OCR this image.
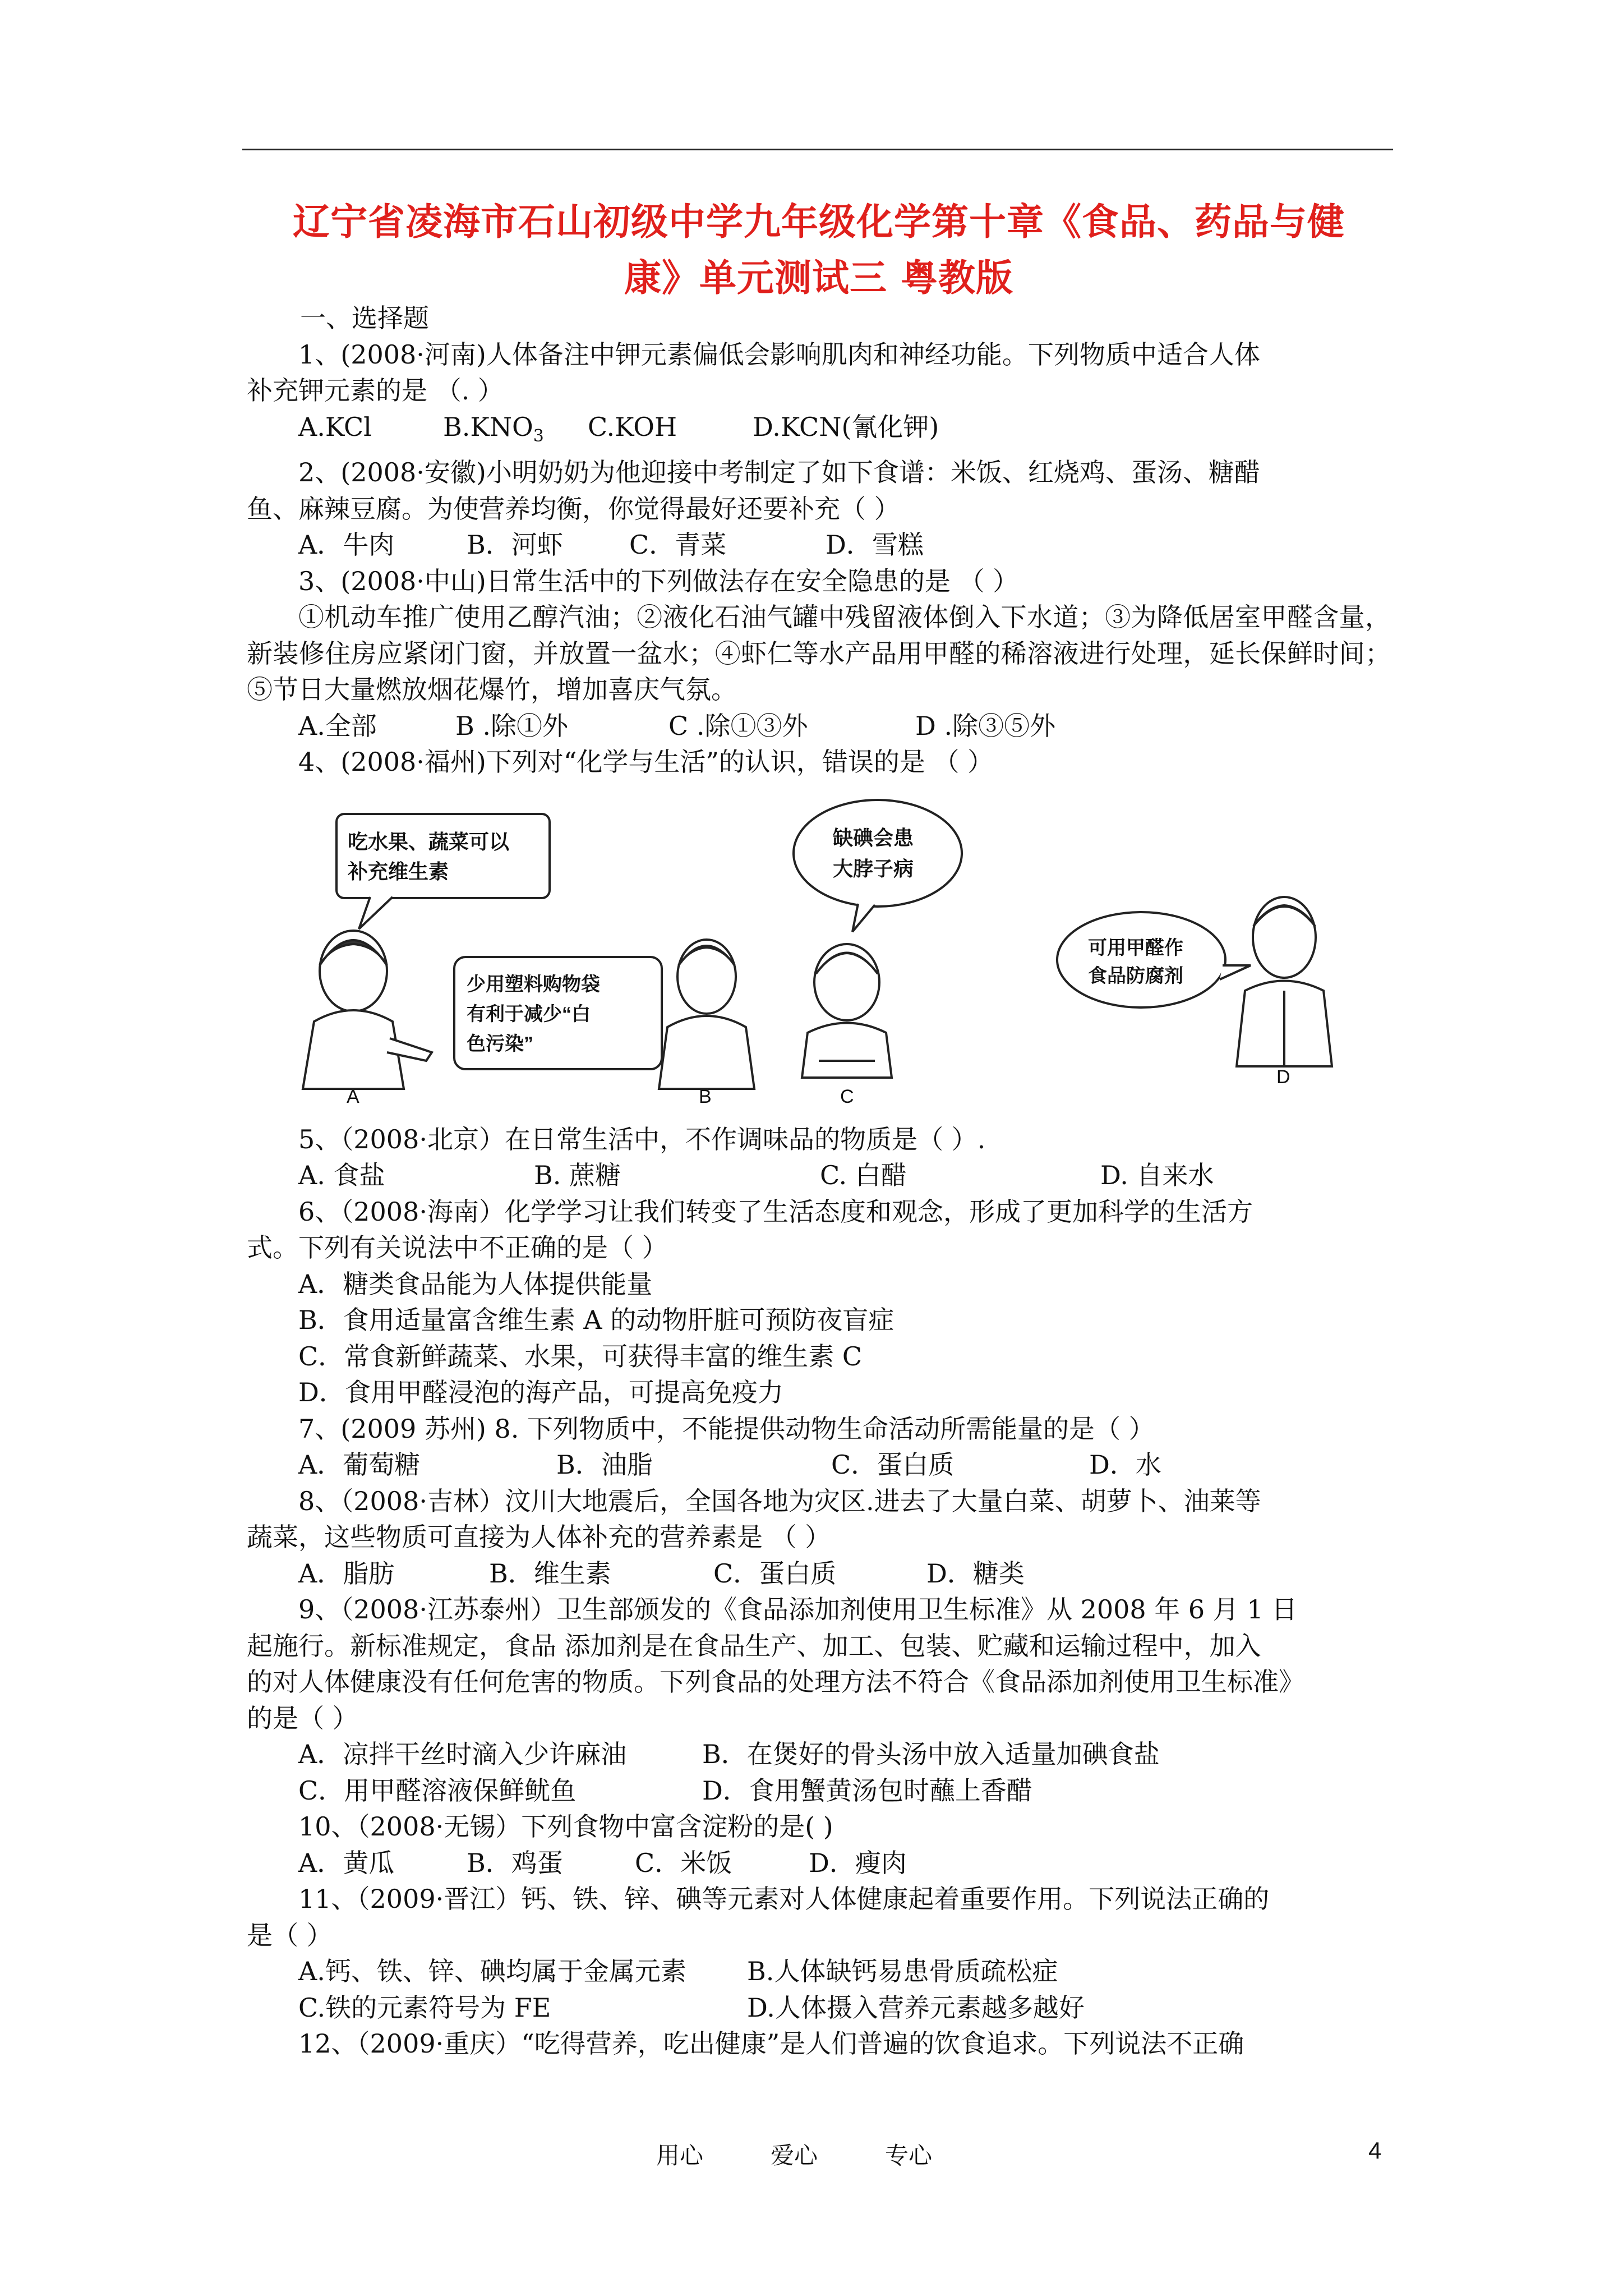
辽宁省凌海市石山初级中学九年级化学第十章《食品、药品与健
康》单元测试三 粤教版
一、选择题
1、(2008·河南)人体备注中钾元素偏低会影响肌肉和神经功能。下列物质中适合人体
补充钾元素的是 （. ）
A.KCl	$B.KNO_3$ C.KOH	D.KCN(氰化钾)
2、(2008·安徽)小明奶奶为他迎接中考制定了如下食谱：米饭、红烧鸡、蛋汤、糖醋
鱼、麻辣豆腐。为使营养均衡，你觉得最好还要补充（ ）
A．牛肉	B．河虾	C．青菜	D．雪糕
3、(2008·中山)日常生活中的下列做法存在安全隐患的是 （ ）
①机动车推广使用乙醇汽油；②液化石油气罐中残留液体倒入下水道；③为降低居室甲醛含量，新装修住房应紧闭门窗，并放置一盆水；④虾仁等水产品用甲醛的稀溶液进行处理，延长保鲜时间；⑤节日大量燃放烟花爆竹，增加喜庆气氛。
A.全部	B .除①外	C .除①③外	D .除③⑤外
4、(2008·福州)下列对“化学与生活”的认识，错误的是 （ ）
吃水果、蔬菜可以
补充维生素
少用塑料购物袋
有利于减少“白
色污染”
缺碘会患
大脖子病
可用甲醛作
食品防腐剂
A	B	C
D
5、（2008·北京）在日常生活中，不作调味品的物质是（ ）.
A. 食盐	B. 蔗糖	C. 白醋	D. 自来水
6、（2008·海南）化学学习让我们转变了生活态度和观念，形成了更加科学的生活方
式。下列有关说法中不正确的是（ ）
A．糖类食品能为人体提供能量
B．食用适量富含维生素 A 的动物肝脏可预防夜盲症
C．常食新鲜蔬菜、水果，可获得丰富的维生素 C
D．食用甲醛浸泡的海产品，可提高免疫力
7、(2009 苏州) 8. 下列物质中，不能提供动物生命活动所需能量的是（ ）
A．葡萄糖	B．油脂	C．蛋白质	D．水
8、（2008·吉林）汶川大地震后，全国各地为灾区.进去了大量白菜、胡萝卜、油莱等
蔬菜，这些物质可直接为人体补充的营养素是 （ ）
A．脂肪	B．维生素	C．蛋白质	D．糖类
9、（2008·江苏泰州）卫生部颁发的《食品添加剂使用卫生标准》从 2008 年 6 月 1 日
起施行。新标准规定，食品 添加剂是在食品生产、加工、包装、贮藏和运输过程中，加入
的对人体健康没有任何危害的物质。下列食品的处理方法不符合《食品添加剂使用卫生标准》
的是（ ）
A．凉拌干丝时滴入少许麻油	B．在煲好的骨头汤中放入适量加碘食盐
C．用甲醛溶液保鲜鱿鱼	D．食用蟹黄汤包时蘸上香醋
10、（2008·无锡）下列食物中富含淀粉的是( )
A．黄瓜	B．鸡蛋	C．米饭	D．瘦肉
11、（2009·晋江）钙、铁、锌、碘等元素对人体健康起着重要作用。下列说法正确的
是（ ）
A.钙、铁、锌、碘均属于金属元素 B.人体缺钙易患骨质疏松症
C.铁的元素符号为 FE	D.人体摄入营养元素越多越好
12、（2009·重庆）“吃得营养，吃出健康”是人们普遍的饮食追求。下列说法不正确
用心	爱心	专心	4
